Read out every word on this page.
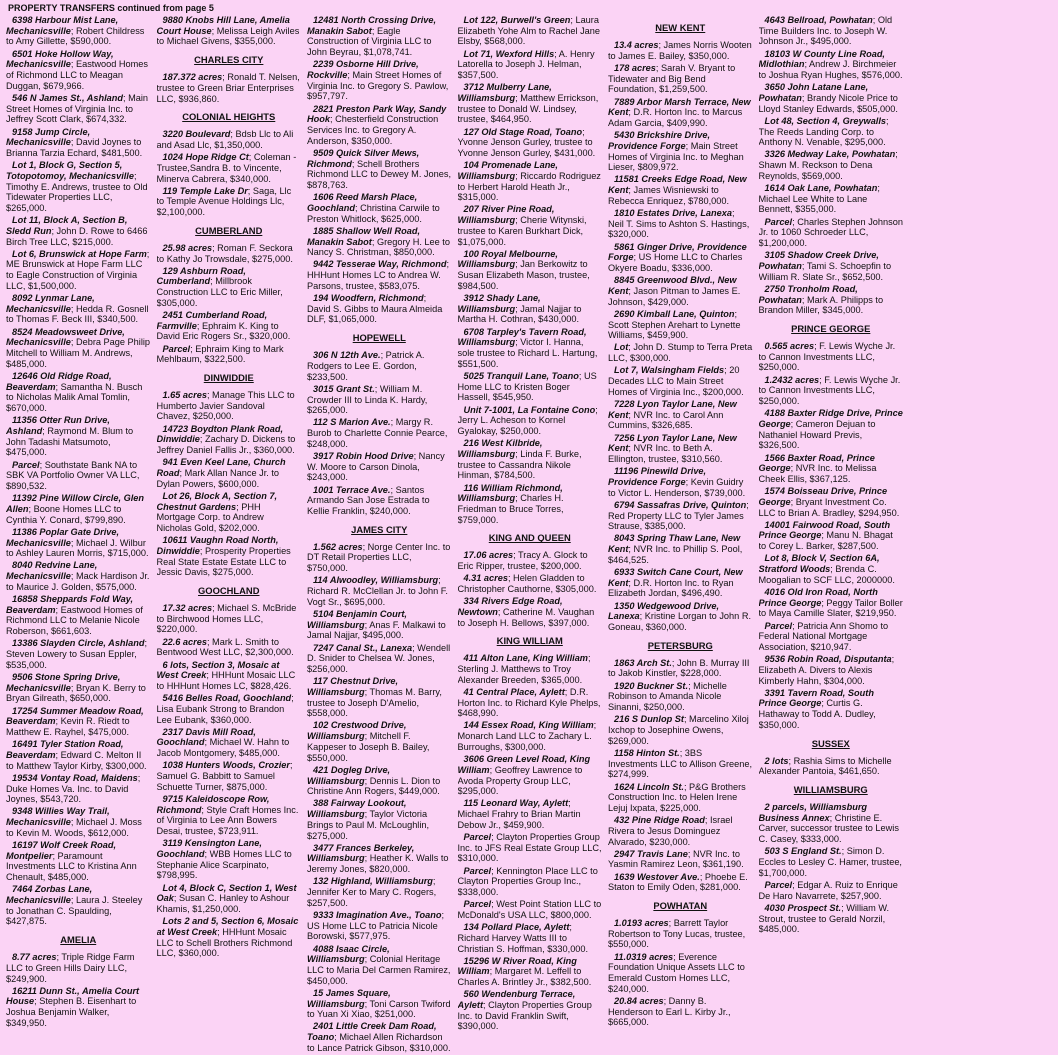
PROPERTY TRANSFERS continued from page 5
6398 Harbour Mist Lane, Mechanicsville; Robert Childress to Amy Gillette, $590,000.
6501 Hoke Hollow Way, Mechanicsville; Eastwood Homes of Richmond LLC to Meagan Duggan, $679,966.
546 N James St., Ashland; Main Street Homes of Virginia Inc. to Jeffrey Scott Clark, $674,332.
9158 Jump Circle, Mechanicsville; David Joynes to Brianna Tarzia Echard, $481,500.
Lot 1, Block G, Section 5, Totopotomoy, Mechanicsville; Timothy E. Andrews, trustee to Old Tidewater Properties LLC, $265,000.
Lot 11, Block A, Section B, Sledd Run; John D. Rowe to 6466 Birch Tree LLC, $215,000.
Lot 6, Brunswick at Hope Farm; ME Brunswick at Hope Farm LLC to Eagle Construction of Virginia LLC, $1,500,000.
8092 Lynmar Lane, Mechanicsville; Hedda R. Gosnell to Thomas F. Beck III, $340,500.
8524 Meadowsweet Drive, Mechanicsville; Debra Page Philip Mitchell to William M. Andrews, $485,000.
12646 Old Ridge Road, Beaverdam; Samantha N. Busch to Nicholas Malik Amal Tomlin, $670,000.
11356 Otter Run Drive, Ashland; Raymond M. Blum to John Tadashi Matsumoto, $475,000.
Parcel; Southstate Bank NA to SBK VA Portfolio Owner VA LLC, $890,532.
11392 Pine Willow Circle, Glen Allen; Boone Homes LLC to Cynthia Y. Conard, $799,890.
11386 Poplar Gate Drive, Mechanicsville; Michael J. Wilbur to Ashley Lauren Morris, $715,000.
8040 Redvine Lane, Mechanicsville; Mack Hardison Jr. to Maurice J. Golden, $575,000.
16858 Sheppards Fold Way, Beaverdam; Eastwood Homes of Richmond LLC to Melanie Nicole Roberson, $661,603.
13386 Slayden Circle, Ashland; Steven Lowery to Susan Eppler, $535,000.
9506 Stone Spring Drive, Mechanicsville; Bryan K. Berry to Bryan Gilreath, $650,000.
17254 Summer Meadow Road, Beaverdam; Kevin R. Riedt to Matthew E. Rayhel, $475,000.
16491 Tyler Station Road, Beaverdam; Edward C. Melton II to Matthew Taylor Kirby, $300,000.
19534 Vontay Road, Maidens; Duke Homes Va. Inc. to David Joynes, $543,720.
9348 Willies Way Trail, Mechanicsville; Michael J. Moss to Kevin M. Woods, $612,000.
16197 Wolf Creek Road, Montpelier; Paramount Investments LLC to Kristina Ann Chenault, $485,000.
7464 Zorbas Lane, Mechanicsville; Laura J. Steeley to Jonathan C. Spaulding, $427,875.
AMELIA
8.77 acres; Triple Ridge Farm LLC to Green Hills Dairy LLC, $249,900.
16211 Dunn St., Amelia Court House; Stephen B. Eisenhart to Joshua Benjamin Walker, $349,950.
9880 Knobs Hill Lane, Amelia Court House; Melissa Leigh Aviles to Michael Givens, $355,000.
CHARLES CITY
187.372 acres; Ronald T. Nelsen, trustee to Green Briar Enterprises LLC, $936,860.
COLONIAL HEIGHTS
3220 Boulevard; Bdsb Llc to Ali and Asad Llc, $1,350,000.
1024 Hope Ridge Ct; Coleman -Trustee,Sandra B. to Vincente, Minerva Cabrera, $340,000.
119 Temple Lake Dr; Saga, Llc to Temple Avenue Holdings Llc, $2,100,000.
CUMBERLAND
25.98 acres; Roman F. Seckora to Kathy Jo Trowsdale, $275,000.
129 Ashburn Road, Cumberland; Millbrook Construction LLC to Eric Miller, $305,000.
2451 Cumberland Road, Farmville; Ephraim K. King to David Eric Rogers Sr., $320,000.
Parcel; Ephraim King to Mark Mehlbaum, $322,500.
DINWIDDIE
1.65 acres; Manage This LLC to Humberto Javier Sandoval Chavez, $250,000.
14723 Boydton Plank Road, Dinwiddie; Zachary D. Dickens to Jeffrey Daniel Fallis Jr., $360,000.
941 Even Keel Lane, Church Road; Mark Allan Nance Jr. to Dylan Powers, $600,000.
Lot 26, Block A, Section 7, Chestnut Gardens; PHH Mortgage Corp. to Andrew Nicholas Gold, $202,000.
10611 Vaughn Road North, Dinwiddie; Prosperity Properties Real State Estate Estate LLC to Jessic Davis, $275,000.
GOOCHLAND
17.32 acres; Michael S. McBride to Birchwood Homes LLC, $220,000.
22.6 acres; Mark L. Smith to Bentwood West LLC, $2,300,000.
6 lots, Section 3, Mosaic at West Creek; HHHunt Mosaic LLC to HHHunt Homes LC, $828,426.
5416 Belles Road, Goochland; Lisa Eubank Strong to Brandon Lee Eubank, $360,000.
2317 Davis Mill Road, Goochland; Michael W. Hahn to Jacob Montgomery, $485,000.
1038 Hunters Woods, Crozier; Samuel G. Babbitt to Samuel Schuette Turner, $875,000.
9715 Kaleidoscope Row, Richmond; Style Craft Homes Inc. of Virginia to Lee Ann Bowers Desai, trustee, $723,911.
3119 Kensington Lane, Goochland; WBB Homes LLC to Stephanie Alice Scarpinato, $798,995.
Lot 4, Block C, Section 1, West Oak; Susan C. Hanley to Ashour Khamis, $1,250,000.
Lots 2 and 5, Section 6, Mosaic at West Creek; HHHunt Mosaic LLC to Schell Brothers Richmond LLC, $360,000.
12481 North Crossing Drive, Manakin Sabot; Eagle Construction of Virginia LLC to John Beyrau, $1,078,741.
2239 Osborne Hill Drive, Rockville; Main Street Homes of Virginia Inc. to Gregory S. Pawlow, $957,797.
2821 Preston Park Way, Sandy Hook; Chesterfield Construction Services Inc. to Gregory A. Anderson, $350,000.
9509 Quick Silver Mews, Richmond; Schell Brothers Richmond LLC to Dewey M. Jones, $878,763.
1606 Reed Marsh Place, Goochland; Christina Carwile to Preston Whitlock, $625,000.
1885 Shallow Well Road, Manakin Sabot; Gregory H. Lee to Nancy S. Christman, $850,000.
9442 Tesserae Way, Richmond; HHHunt Homes LC to Andrea W. Parsons, trustee, $583,075.
194 Woodfern, Richmond; David S. Gibbs to Maura Almeida DLF, $1,065,000.
HOPEWELL
306 N 12th Ave.; Patrick A. Rodgers to Lee E. Gordon, $233,500.
3015 Grant St.; William M. Crowder III to Linda K. Hardy, $265,000.
112 S Marion Ave.; Margy R. Burob to Charlette Connie Pearce, $248,000.
3917 Robin Hood Drive; Nancy W. Moore to Carson Dinola, $243,000.
1001 Terrace Ave.; Santos Armando San Jose Estrada to Kellie Franklin, $240,000.
JAMES CITY
1.562 acres; Norge Center Inc. to DT Retail Properties LLC, $750,000.
114 Alwoodley, Williamsburg; Richard R. McClellan Jr. to John F. Vogt Sr., $695,000.
5104 Benjamin Court, Williamsburg; Anas F. Malkawi to Jamal Najjar, $495,000.
7247 Canal St., Lanexa; Wendell D. Snider to Chelsea W. Jones, $256,000.
117 Chestnut Drive, Williamsburg; Thomas M. Barry, trustee to Joseph D'Amelio, $558,000.
102 Crestwood Drive, Williamsburg; Mitchell F. Kappeser to Joseph B. Bailey, $550,000.
421 Dogleg Drive, Williamsburg; Dennis L. Dion to Christine Ann Rogers, $449,000.
388 Fairway Lookout, Williamsburg; Taylor Victoria Brings to Paul M. McLoughlin, $275,000.
3477 Frances Berkeley, Williamsburg; Heather K. Walls to Jeremy Jones, $820,000.
132 Highland, Williamsburg; Jennifer Ker to Mary C. Rogers, $257,500.
9333 Imagination Ave., Toano; US Home LLC to Patricia Nicole Borowski, $577,975.
4088 Isaac Circle, Williamsburg; Colonial Heritage LLC to Maria Del Carmen Ramirez, $450,000.
15 James Square, Williamsburg; Toni Carson Twiford to Yuan Xi Xiao, $251,000.
2401 Little Creek Dam Road, Toano; Michael Allen Richardson to Lance Patrick Gibson, $310,000.
Lot 122, Burwell's Green; Laura Elizabeth Yohe Alm to Rachel Jane Elsby, $568,000.
Lot 71, Wexford Hills; A. Henry Latorella to Joseph J. Helman, $357,500.
3712 Mulberry Lane, Williamsburg; Matthew Errickson, trustee to Donald W. Lindsey, trustee, $464,950.
127 Old Stage Road, Toano; Yvonne Jenson Gurley, trustee to Yvonne Jenson Gurley, $431,000.
104 Promenade Lane, Williamsburg; Riccardo Rodriguez to Herbert Harold Heath Jr., $315,000.
207 River Pine Road, Williamsburg; Cherie Witynski, trustee to Karen Burkhart Dick, $1,075,000.
100 Royal Melbourne, Williamsburg; Jan Berkowitz to Susan Elizabeth Mason, trustee, $984,500.
3912 Shady Lane, Williamsburg; Jamal Najjar to Martha H. Cothran, $430,000.
6708 Tarpley's Tavern Road, Williamsburg; Victor I. Hanna, sole trustee to Richard L. Hartung, $551,500.
5025 Tranquil Lane, Toano; US Home LLC to Kristen Boger Hassell, $545,950.
Unit 7-1001, La Fontaine Cono; Jerry L. Acheson to Kornel Gyalokay, $250,000.
216 West Kilbride, Williamsburg; Linda F. Burke, trustee to Cassandra Nikole Hinman, $784,500.
116 William Richmond, Williamsburg; Charles H. Friedman to Bruce Torres, $759,000.
KING AND QUEEN
17.06 acres; Tracy A. Glock to Eric Ripper, trustee, $200,000.
4.31 acres; Helen Gladden to Christopher Cauthorne, $305,000.
334 Rivers Edge Road, Newtown; Catherine M. Vaughan to Joseph H. Bellows, $397,000.
KING WILLIAM
411 Alton Lane, King William; Sterling J. Matthews to Troy Alexander Breeden, $365,000.
41 Central Place, Aylett; D.R. Horton Inc. to Richard Kyle Phelps, $468,990.
144 Essex Road, King William; Monarch Land LLC to Zachary L. Burroughs, $300,000.
3606 Green Level Road, King William; Geoffrey Lawrence to Avoda Property Group LLC, $295,000.
115 Leonard Way, Aylett; Michael Frahry to Brian Martin Debow Jr., $459,900.
Parcel; Clayton Properties Group Inc. to JFS Real Estate Group LLC, $310,000.
Parcel; Kennington Place LLC to Clayton Properties Group Inc., $338,000.
Parcel; West Point Station LLC to McDonald's USA LLC, $800,000.
134 Pollard Place, Aylett; Richard Harvey Watts III to Christian S. Hoffman, $330,000.
15296 W River Road, King William; Margaret M. Leffell to Charles A. Brintley Jr., $382,500.
560 Wendenburg Terrace, Aylett; Clayton Properties Group Inc. to David Franklin Swift, $390,000.
NEW KENT
13.4 acres; James Norris Wooten to James E. Bailey, $350,000.
178 acres; Sarah V. Bryant to Tidewater and Big Bend Foundation, $1,259,500.
7889 Arbor Marsh Terrace, New Kent; D.R. Horton Inc. to Marcus Adam Garcia, $409,990.
5430 Brickshire Drive, Providence Forge; Main Street Homes of Virginia Inc. to Meghan Lieser, $809,972.
11581 Creeks Edge Road, New Kent; James Wisniewski to Rebecca Enriquez, $780,000.
1810 Estates Drive, Lanexa; Neil T. Sims to Ashton S. Hastings, $320,000.
5861 Ginger Drive, Providence Forge; US Home LLC to Charles Okyere Boadu, $336,000.
8845 Greenwood Blvd., New Kent; Jason Pitman to James E. Johnson, $429,000.
2690 Kimball Lane, Quinton; Scott Stephen Arehart to Lynette Williams, $459,900.
Lot; John D. Stump to Terra Preta LLC, $300,000.
Lot 7, Walsingham Fields; 20 Decades LLC to Main Street Homes of Virginia Inc., $200,000.
7228 Lyon Taylor Lane, New Kent; NVR Inc. to Carol Ann Cummins, $326,685.
7256 Lyon Taylor Lane, New Kent; NVR Inc. to Beth A. Ellington, trustee, $310,560.
11196 Pinewild Drive, Providence Forge; Kevin Guidry to Victor L. Henderson, $739,000.
6794 Sassafras Drive, Quinton; Red Property LLC to Tyler James Strause, $385,000.
8043 Spring Thaw Lane, New Kent; NVR Inc. to Phillip S. Pool, $464,525.
6933 Switch Cane Court, New Kent; D.R. Horton Inc. to Ryan Elizabeth Jordan, $496,490.
1350 Wedgewood Drive, Lanexa; Kristine Lorgan to John R. Goneau, $360,000.
PETERSBURG
1863 Arch St.; John B. Murray III to Jakob Kinstler, $228,000.
1920 Buckner St.; Michelle Robinson to Amanda Nicole Sinanni, $250,000.
216 S Dunlop St; Marcelino Xiloj Ixchop to Josephine Owens, $269,000.
1158 Hinton St.; 3BS Investments LLC to Allison Greene, $274,999.
1624 Lincoln St.; P&G Brothers Construction Inc. to Helen Irene Lejuj Ixpata, $225,000.
432 Pine Ridge Road; Israel Rivera to Jesus Dominguez Alvarado, $230,000.
2947 Travis Lane; NVR Inc. to Yasmin Ramirez Leon, $361,190.
1639 Westover Ave.; Phoebe E. Staton to Emily Oden, $281,000.
POWHATAN
1.0193 acres; Barrett Taylor Robertson to Tony Lucas, trustee, $550,000.
11.0319 acres; Everence Foundation Unique Assets LLC to Emerald Custom Homes LLC, $240,000.
20.84 acres; Danny B. Henderson to Earl L. Kirby Jr., $665,000.
4643 Bellroad, Powhatan; Old Time Builders Inc. to Joseph W. Johnson Jr., $495,000.
18103 W County Line Road, Midlothian; Andrew J. Birchmeier to Joshua Ryan Hughes, $576,000.
3650 John Latane Lane, Powhatan; Brandy Nicole Price to Lloyd Stanley Edwards, $505,000.
Lot 48, Section 4, Greywalls; The Reeds Landing Corp. to Anthony N. Venable, $295,000.
3326 Medway Lake, Powhatan; Shawn M. Reckson to Dena Reynolds, $569,000.
1614 Oak Lane, Powhatan; Michael Lee White to Lane Bennett, $355,000.
Parcel; Charles Stephen Johnson Jr. to 1060 Schroeder LLC, $1,200,000.
3105 Shadow Creek Drive, Powhatan; Tami S. Schoepfin to William R. Slate Sr., $652,500.
2750 Tronholm Road, Powhatan; Mark A. Philipps to Brandon Miller, $345,000.
PRINCE GEORGE
0.565 acres; F. Lewis Wyche Jr. to Cannon Investments LLC, $250,000.
1.2432 acres; F. Lewis Wyche Jr. to Cannon Investments LLC, $250,000.
4188 Baxter Ridge Drive, Prince George; Cameron Dejuan to Nathaniel Howard Previs, $326,500.
1566 Baxter Road, Prince George; NVR Inc. to Melissa Cheek Ellis, $367,125.
1574 Boisseau Drive, Prince George; Bryant Investment Co. LLC to Brian A. Bradley, $294,950.
14001 Fairwood Road, South Prince George; Manu N. Bhagat to Corey L. Barker, $287,500.
Lot 8, Block V, Section 6A, Stratford Woods; Brenda C. Moogalian to SCF LLC, 2000000.
4016 Old Iron Road, North Prince George; Peggy Tailor Boller to Maya Camille Slater, $219,950.
Parcel; Patricia Ann Shomo to Federal National Mortgage Association, $210,947.
9536 Robin Road, Disputanta; Elizabeth A. Divers to Alexis Kimberly Hahn, $304,000.
3391 Tavern Road, South Prince George; Curtis G. Hathaway to Todd A. Dudley, $350,000.
SUSSEX
2 lots; Rashia Sims to Michelle Alexander Pantoia, $461,650.
WILLIAMSBURG
2 parcels, Williamsburg Business Annex; Christine E. Carver, successor trustee to Lewis C. Casey, $333,000.
503 S England St.; Simon D. Eccles to Lesley C. Hamer, trustee, $1,700,000.
Parcel; Edgar A. Ruiz to Enrique De Haro Navarrete, $257,900.
4030 Prospect St.; William W. Strout, trustee to Gerald Norzil, $485,000.
